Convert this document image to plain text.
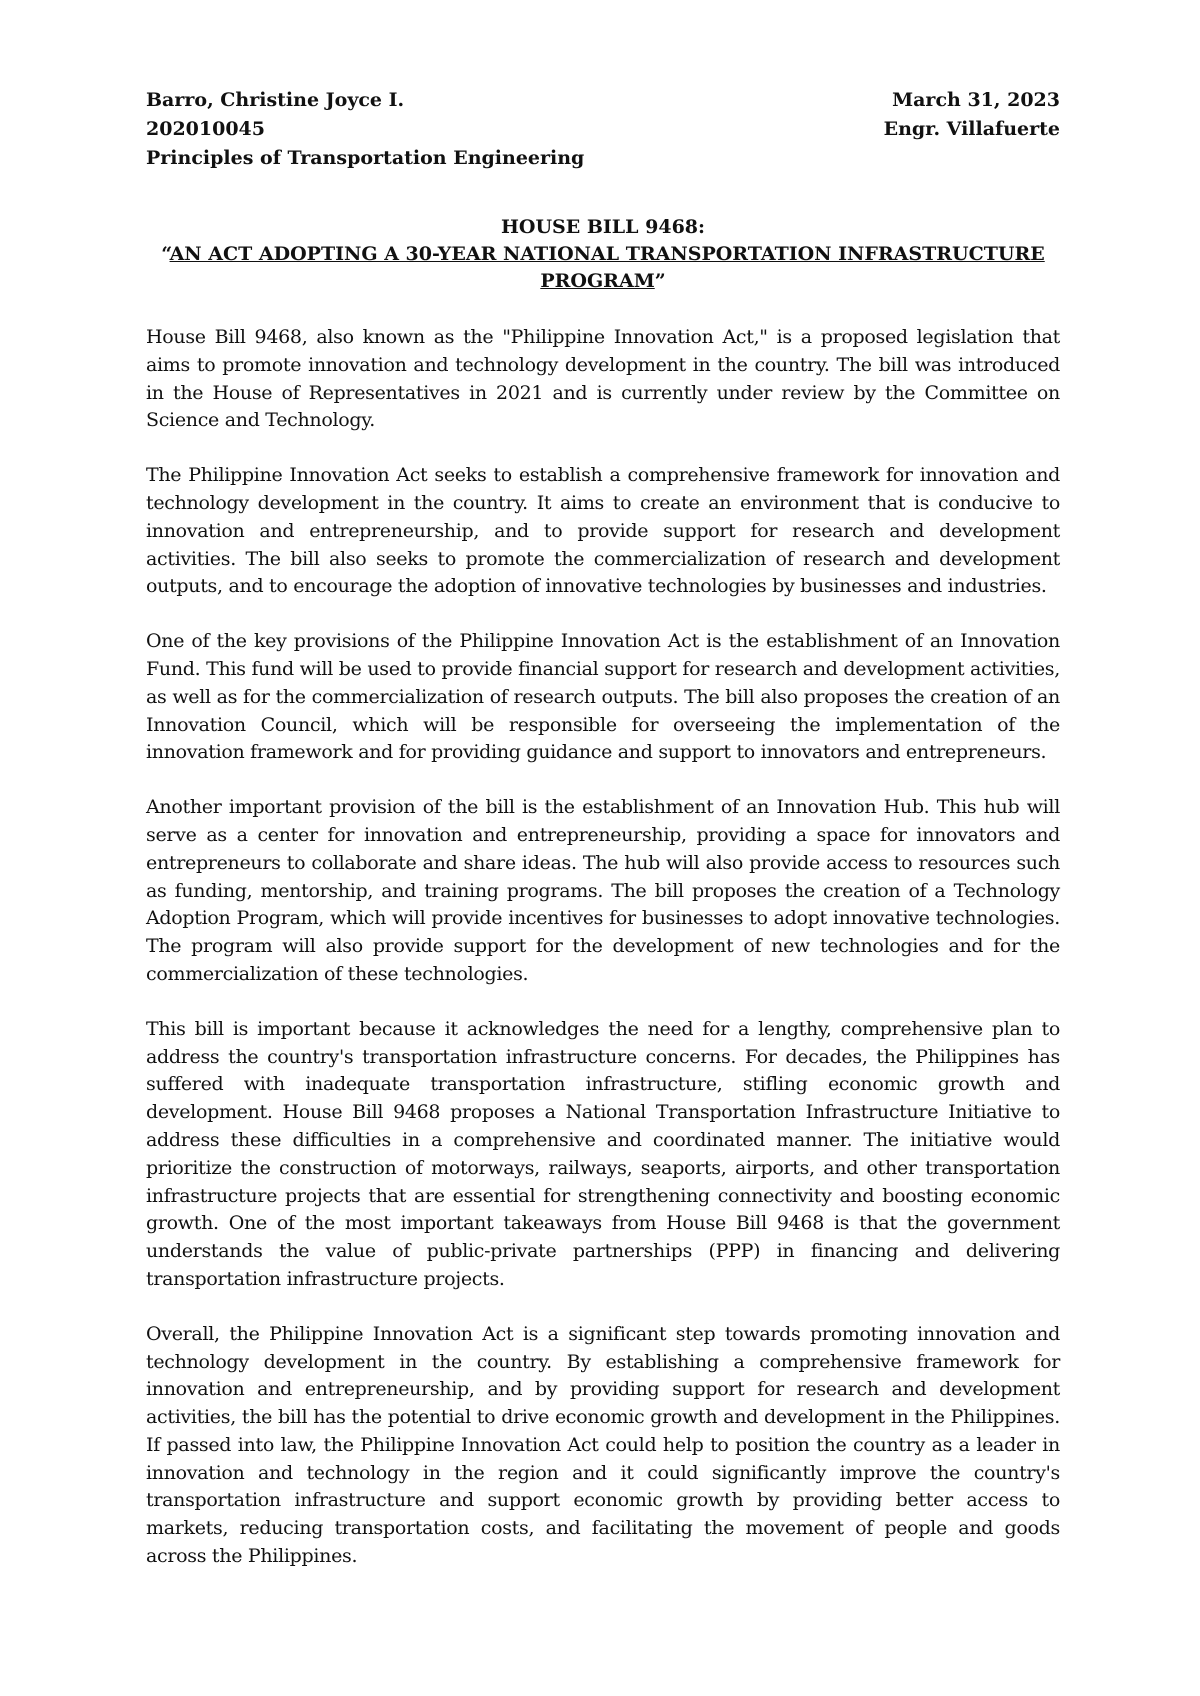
Barro, Christine Joyce I.
202010045
Principles of Transportation Engineering
March 31, 2023
Engr. Villafuerte
HOUSE BILL 9468:
“AN ACT ADOPTING A 30-YEAR NATIONAL TRANSPORTATION INFRASTRUCTURE PROGRAM”

House Bill 9468, also known as the "Philippine Innovation Act," is a proposed legislation that aims to promote innovation and technology development in the country. The bill was introduced in the House of Representatives in 2021 and is currently under review by the Committee on Science and Technology.

The Philippine Innovation Act seeks to establish a comprehensive framework for innovation and technology development in the country. It aims to create an environment that is conducive to innovation and entrepreneurship, and to provide support for research and development activities. The bill also seeks to promote the commercialization of research and development outputs, and to encourage the adoption of innovative technologies by businesses and industries.

One of the key provisions of the Philippine Innovation Act is the establishment of an Innovation Fund. This fund will be used to provide financial support for research and development activities, as well as for the commercialization of research outputs. The bill also proposes the creation of an Innovation Council, which will be responsible for overseeing the implementation of the innovation framework and for providing guidance and support to innovators and entrepreneurs.

Another important provision of the bill is the establishment of an Innovation Hub. This hub will serve as a center for innovation and entrepreneurship, providing a space for innovators and entrepreneurs to collaborate and share ideas. The hub will also provide access to resources such as funding, mentorship, and training programs. The bill proposes the creation of a Technology Adoption Program, which will provide incentives for businesses to adopt innovative technologies. The program will also provide support for the development of new technologies and for the commercialization of these technologies.

This bill is important because it acknowledges the need for a lengthy, comprehensive plan to address the country's transportation infrastructure concerns. For decades, the Philippines has suffered with inadequate transportation infrastructure, stifling economic growth and development. House Bill 9468 proposes a National Transportation Infrastructure Initiative to address these difficulties in a comprehensive and coordinated manner. The initiative would prioritize the construction of motorways, railways, seaports, airports, and other transportation infrastructure projects that are essential for strengthening connectivity and boosting economic growth. One of the most important takeaways from House Bill 9468 is that the government understands the value of public-private partnerships (PPP) in financing and delivering transportation infrastructure projects.

Overall, the Philippine Innovation Act is a significant step towards promoting innovation and technology development in the country. By establishing a comprehensive framework for innovation and entrepreneurship, and by providing support for research and development activities, the bill has the potential to drive economic growth and development in the Philippines. If passed into law, the Philippine Innovation Act could help to position the country as a leader in innovation and technology in the region and it could significantly improve the country's transportation infrastructure and support economic growth by providing better access to markets, reducing transportation costs, and facilitating the movement of people and goods across the Philippines.
